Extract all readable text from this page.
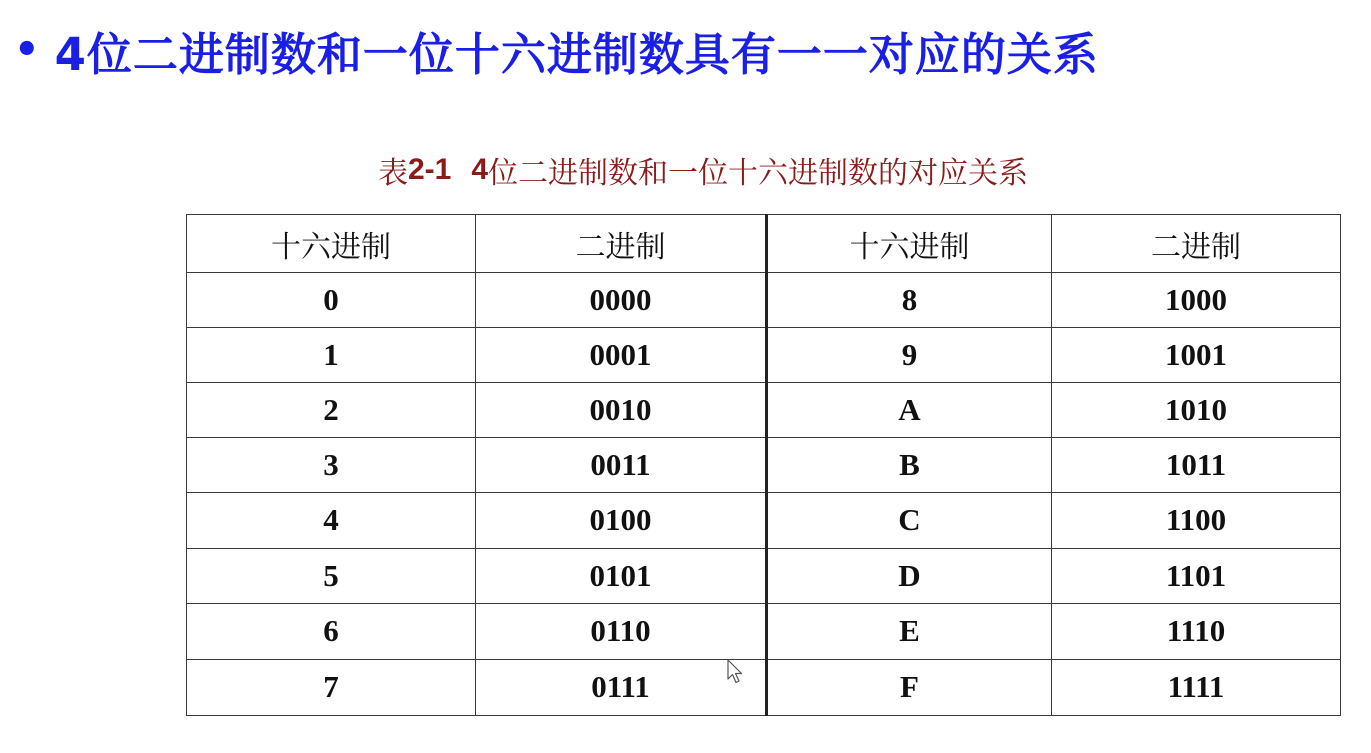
• 4位二进制数和一位十六进制数具有一一对应的关系
表 2-1 4 位二进制数和一位十六进制数的对应关系
十六进制	二进制	十六进制	二进制
0	0000	8	1000
1	0001	9	1001
2	0010	A	1010
3	0011	B	1011
4	0100	C	1100
5	0101	D	1101
6	0110	E	1110
7	0111	F	1111
